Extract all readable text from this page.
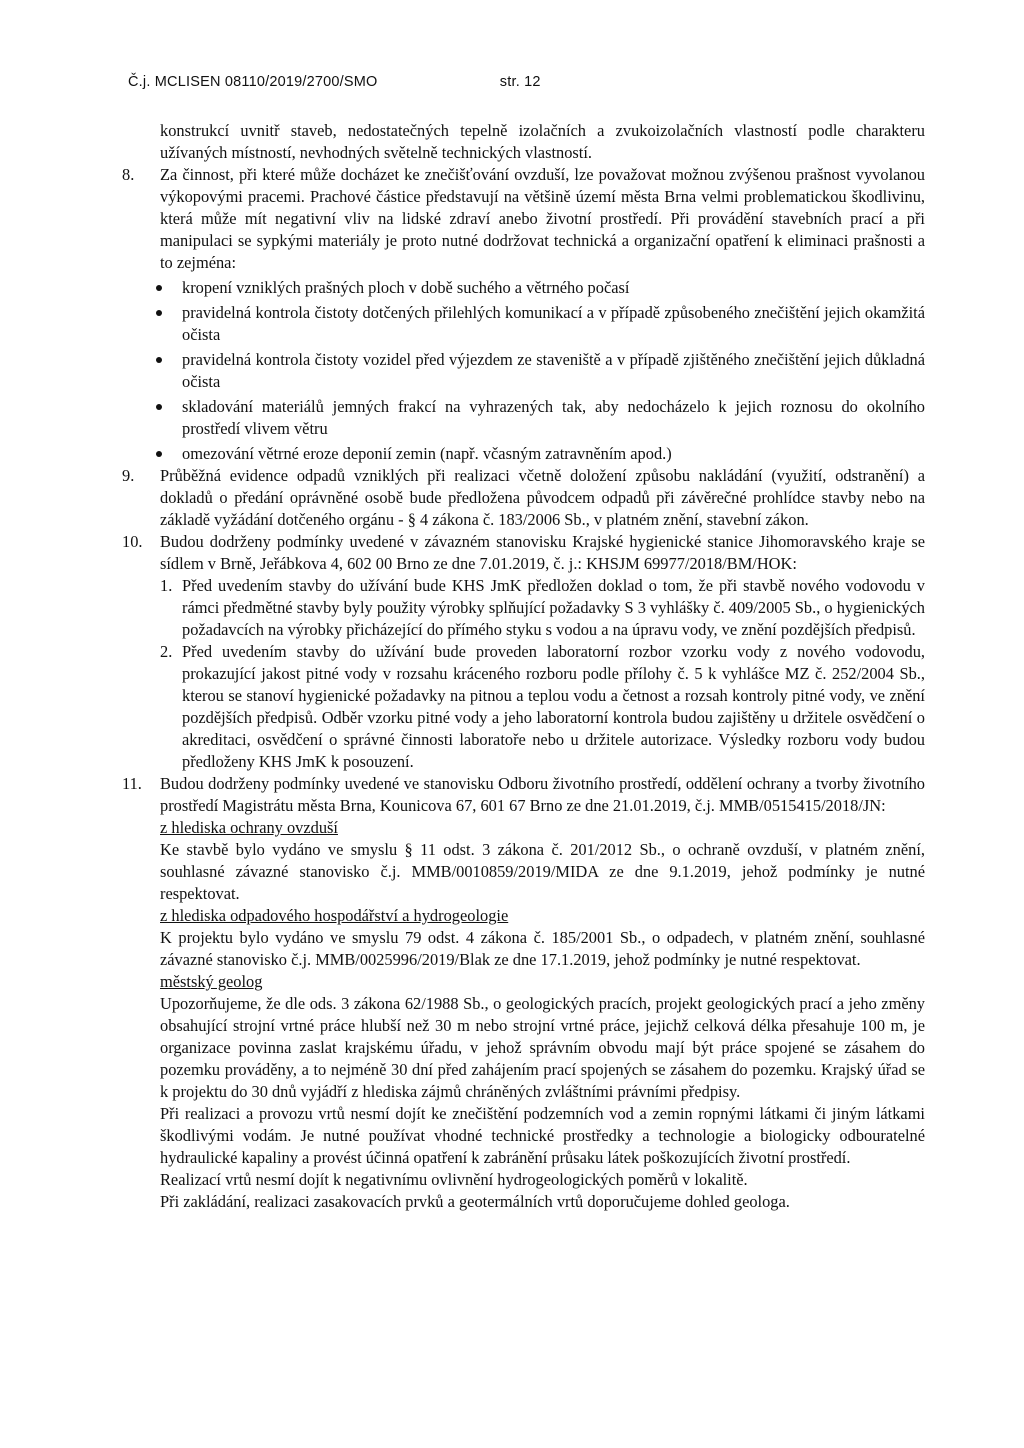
Č.j. MCLISEN 08110/2019/2700/SMO	str. 12

konstrukcí uvnitř staveb, nedostatečných tepelně izolačních a zvukoizolačních vlastností podle charakteru užívaných místností, nevhodných světelně technických vlastností.

8. Za činnost, při které může docházet ke znečišťování ovzduší, lze považovat možnou zvýšenou prašnost vyvolanou výkopovými pracemi. Prachové částice představují na většině území města Brna velmi problematickou škodlivinu, která může mít negativní vliv na lidské zdraví anebo životní prostředí. Při provádění stavebních prací a při manipulaci se sypkými materiály je proto nutné dodržovat technická a organizační opatření k eliminaci prašnosti a to zejména:

kropení vzniklých prašných ploch v době suchého a větrného počasí
pravidelná kontrola čistoty dotčených přilehlých komunikací a v případě způsobeného znečištění jejich okamžitá očista
pravidelná kontrola čistoty vozidel před výjezdem ze staveniště a v případě zjištěného znečištění jejich důkladná očista
skladování materiálů jemných frakcí na vyhrazených tak, aby nedocházelo k jejich roznosu do okolního prostředí vlivem větru
omezování větrné eroze deponií zemin (např. včasným zatravněním apod.)
9. Průběžná evidence odpadů vzniklých při realizaci včetně doložení způsobu nakládání (využití, odstranění) a dokladů o předání oprávněné osobě bude předložena původcem odpadů při závěrečné prohlídce stavby nebo na základě vyžádání dotčeného orgánu - § 4 zákona č. 183/2006 Sb., v platném znění, stavební zákon.

10. Budou dodrženy podmínky uvedené v závazném stanovisku Krajské hygienické stanice Jihomoravského kraje se sídlem v Brně, Jeřábkova 4, 602 00 Brno ze dne 7.01.2019, č. j.: KHSJM 69977/2018/BM/HOK:

1. Před uvedením stavby do užívání bude KHS JmK předložen doklad o tom, že při stavbě nového vodovodu v rámci předmětné stavby byly použity výrobky splňující požadavky S 3 vyhlášky č. 409/2005 Sb., o hygienických požadavcích na výrobky přicházející do přímého styku s vodou a na úpravu vody, ve znění pozdějších předpisů.

2. Před uvedením stavby do užívání bude proveden laboratorní rozbor vzorku vody z nového vodovodu, prokazující jakost pitné vody v rozsahu kráceného rozboru podle přílohy č. 5 k vyhlášce MZ č. 252/2004 Sb., kterou se stanoví hygienické požadavky na pitnou a teplou vodu a četnost a rozsah kontroly pitné vody, ve znění pozdějších předpisů. Odběr vzorku pitné vody a jeho laboratorní kontrola budou zajištěny u držitele osvědčení o akreditaci, osvědčení o správné činnosti laboratoře nebo u držitele autorizace. Výsledky rozboru vody budou předloženy KHS JmK k posouzení.

11. Budou dodrženy podmínky uvedené ve stanovisku Odboru životního prostředí, oddělení ochrany a tvorby životního prostředí Magistrátu města Brna, Kounicova 67, 601 67 Brno ze dne 21.01.2019, č.j. MMB/0515415/2018/JN:

z hlediska ochrany ovzduší

Ke stavbě bylo vydáno ve smyslu § 11 odst. 3 zákona č. 201/2012 Sb., o ochraně ovzduší, v platném znění, souhlasné závazné stanovisko č.j. MMB/0010859/2019/MIDA ze dne 9.1.2019, jehož podmínky je nutné respektovat.

z hlediska odpadového hospodářství a hydrogeologie

K projektu bylo vydáno ve smyslu 79 odst. 4 zákona č. 185/2001 Sb., o odpadech, v platném znění, souhlasné závazné stanovisko č.j. MMB/0025996/2019/Blak ze dne 17.1.2019, jehož podmínky je nutné respektovat.

městský geolog

Upozorňujeme, že dle ods. 3 zákona 62/1988 Sb., o geologických pracích, projekt geologických prací a jeho změny obsahující strojní vrtné práce hlubší než 30 m nebo strojní vrtné práce, jejichž celková délka přesahuje 100 m, je organizace povinna zaslat krajskému úřadu, v jehož správním obvodu mají být práce spojené se zásahem do pozemku prováděny, a to nejméně 30 dní před zahájením prací spojených se zásahem do pozemku. Krajský úřad se k projektu do 30 dnů vyjádří z hlediska zájmů chráněných zvláštními právními předpisy.

Při realizaci a provozu vrtů nesmí dojít ke znečištění podzemních vod a zemin ropnými látkami či jiným látkami škodlivými vodám. Je nutné používat vhodné technické prostředky a technologie a biologicky odbouratelné hydraulické kapaliny a provést účinná opatření k zabránění průsaku látek poškozujících životní prostředí.

Realizací vrtů nesmí dojít k negativnímu ovlivnění hydrogeologických poměrů v lokalitě.

Při zakládání, realizaci zasakovacích prvků a geotermálních vrtů doporučujeme dohled geologa.
